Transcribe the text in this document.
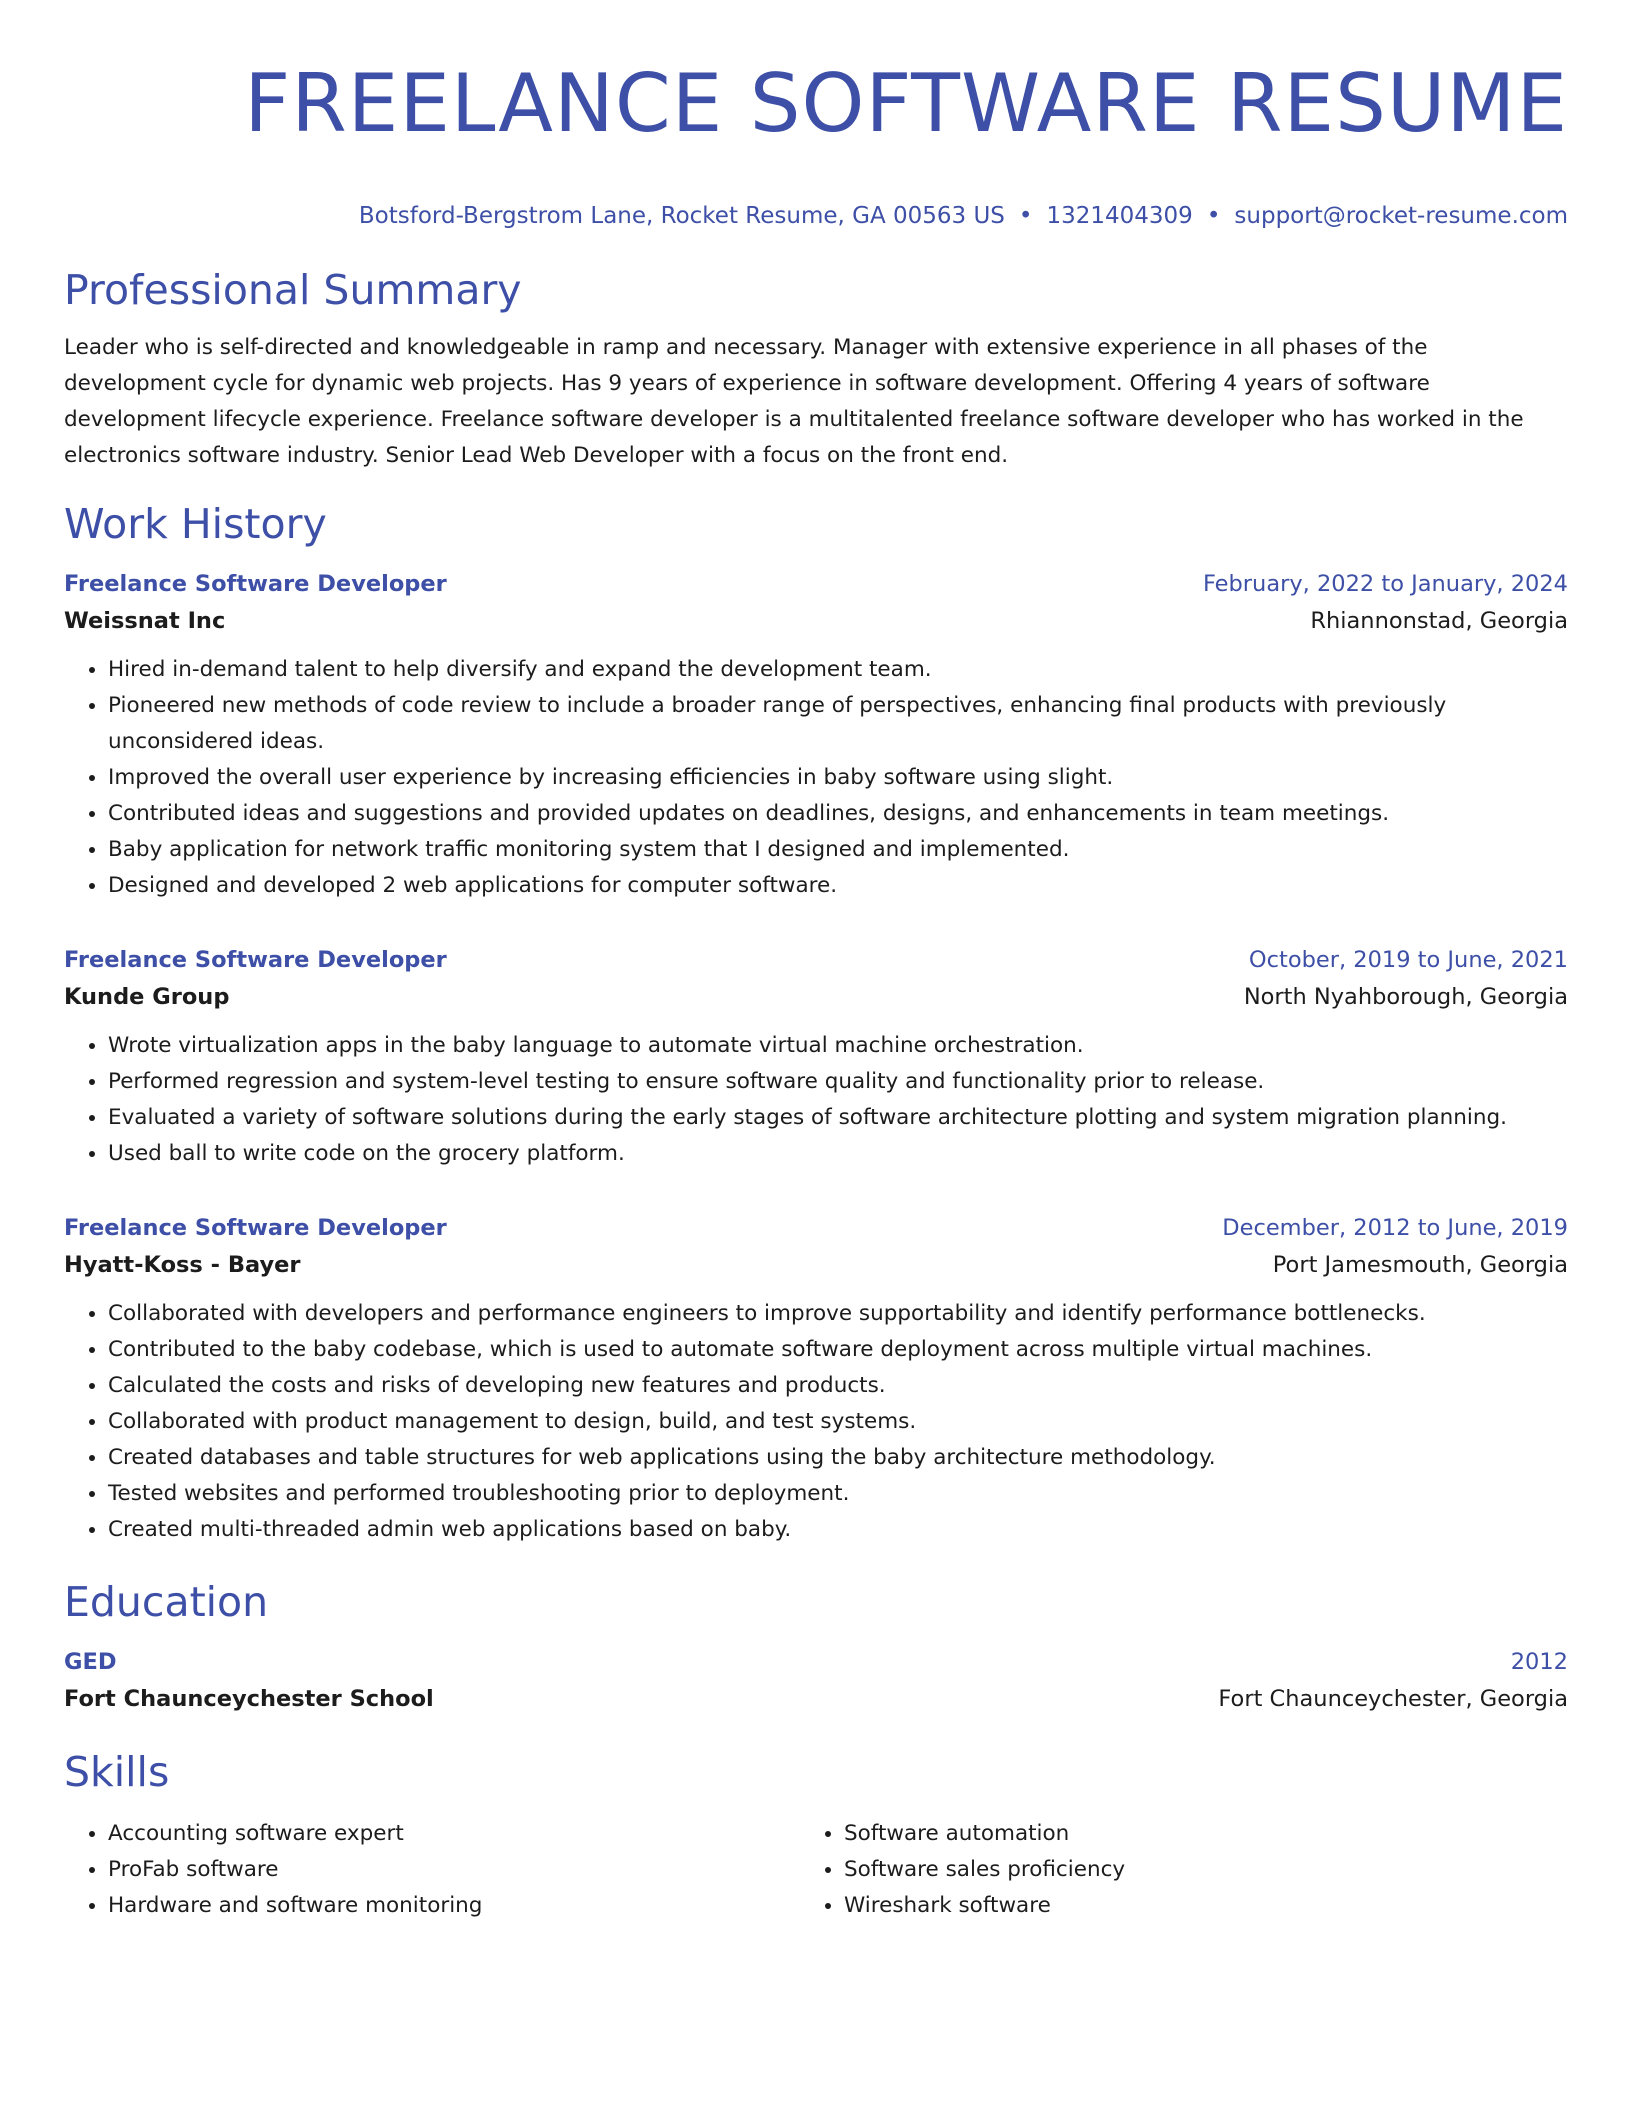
FREELANCE SOFTWARE RESUME
Botsford-Bergstrom Lane, Rocket Resume, GA 00563 US • 1321404309 • support@rocket-resume.com
Professional Summary
Leader who is self-directed and knowledgeable in ramp and necessary. Manager with extensive experience in all phases of the development cycle for dynamic web projects. Has 9 years of experience in software development. Offering 4 years of software development lifecycle experience. Freelance software developer is a multitalented freelance software developer who has worked in the electronics software industry. Senior Lead Web Developer with a focus on the front end.
Work History
Freelance Software Developer	February, 2022 to January, 2024
Weissnat Inc	Rhiannonstad, Georgia
• Hired in-demand talent to help diversify and expand the development team.
• Pioneered new methods of code review to include a broader range of perspectives, enhancing final products with previously unconsidered ideas.
• Improved the overall user experience by increasing efficiencies in baby software using slight.
• Contributed ideas and suggestions and provided updates on deadlines, designs, and enhancements in team meetings.
• Baby application for network traffic monitoring system that I designed and implemented.
• Designed and developed 2 web applications for computer software.
Freelance Software Developer	October, 2019 to June, 2021
Kunde Group	North Nyahborough, Georgia
• Wrote virtualization apps in the baby language to automate virtual machine orchestration.
• Performed regression and system-level testing to ensure software quality and functionality prior to release.
• Evaluated a variety of software solutions during the early stages of software architecture plotting and system migration planning.
• Used ball to write code on the grocery platform.
Freelance Software Developer	December, 2012 to June, 2019
Hyatt-Koss - Bayer	Port Jamesmouth, Georgia
• Collaborated with developers and performance engineers to improve supportability and identify performance bottlenecks.
• Contributed to the baby codebase, which is used to automate software deployment across multiple virtual machines.
• Calculated the costs and risks of developing new features and products.
• Collaborated with product management to design, build, and test systems.
• Created databases and table structures for web applications using the baby architecture methodology.
• Tested websites and performed troubleshooting prior to deployment.
• Created multi-threaded admin web applications based on baby.
Education
GED	2012
Fort Chaunceychester School	Fort Chaunceychester, Georgia
Skills
• Accounting software expert
• ProFab software
• Hardware and software monitoring
• Software automation
• Software sales proficiency
• Wireshark software
